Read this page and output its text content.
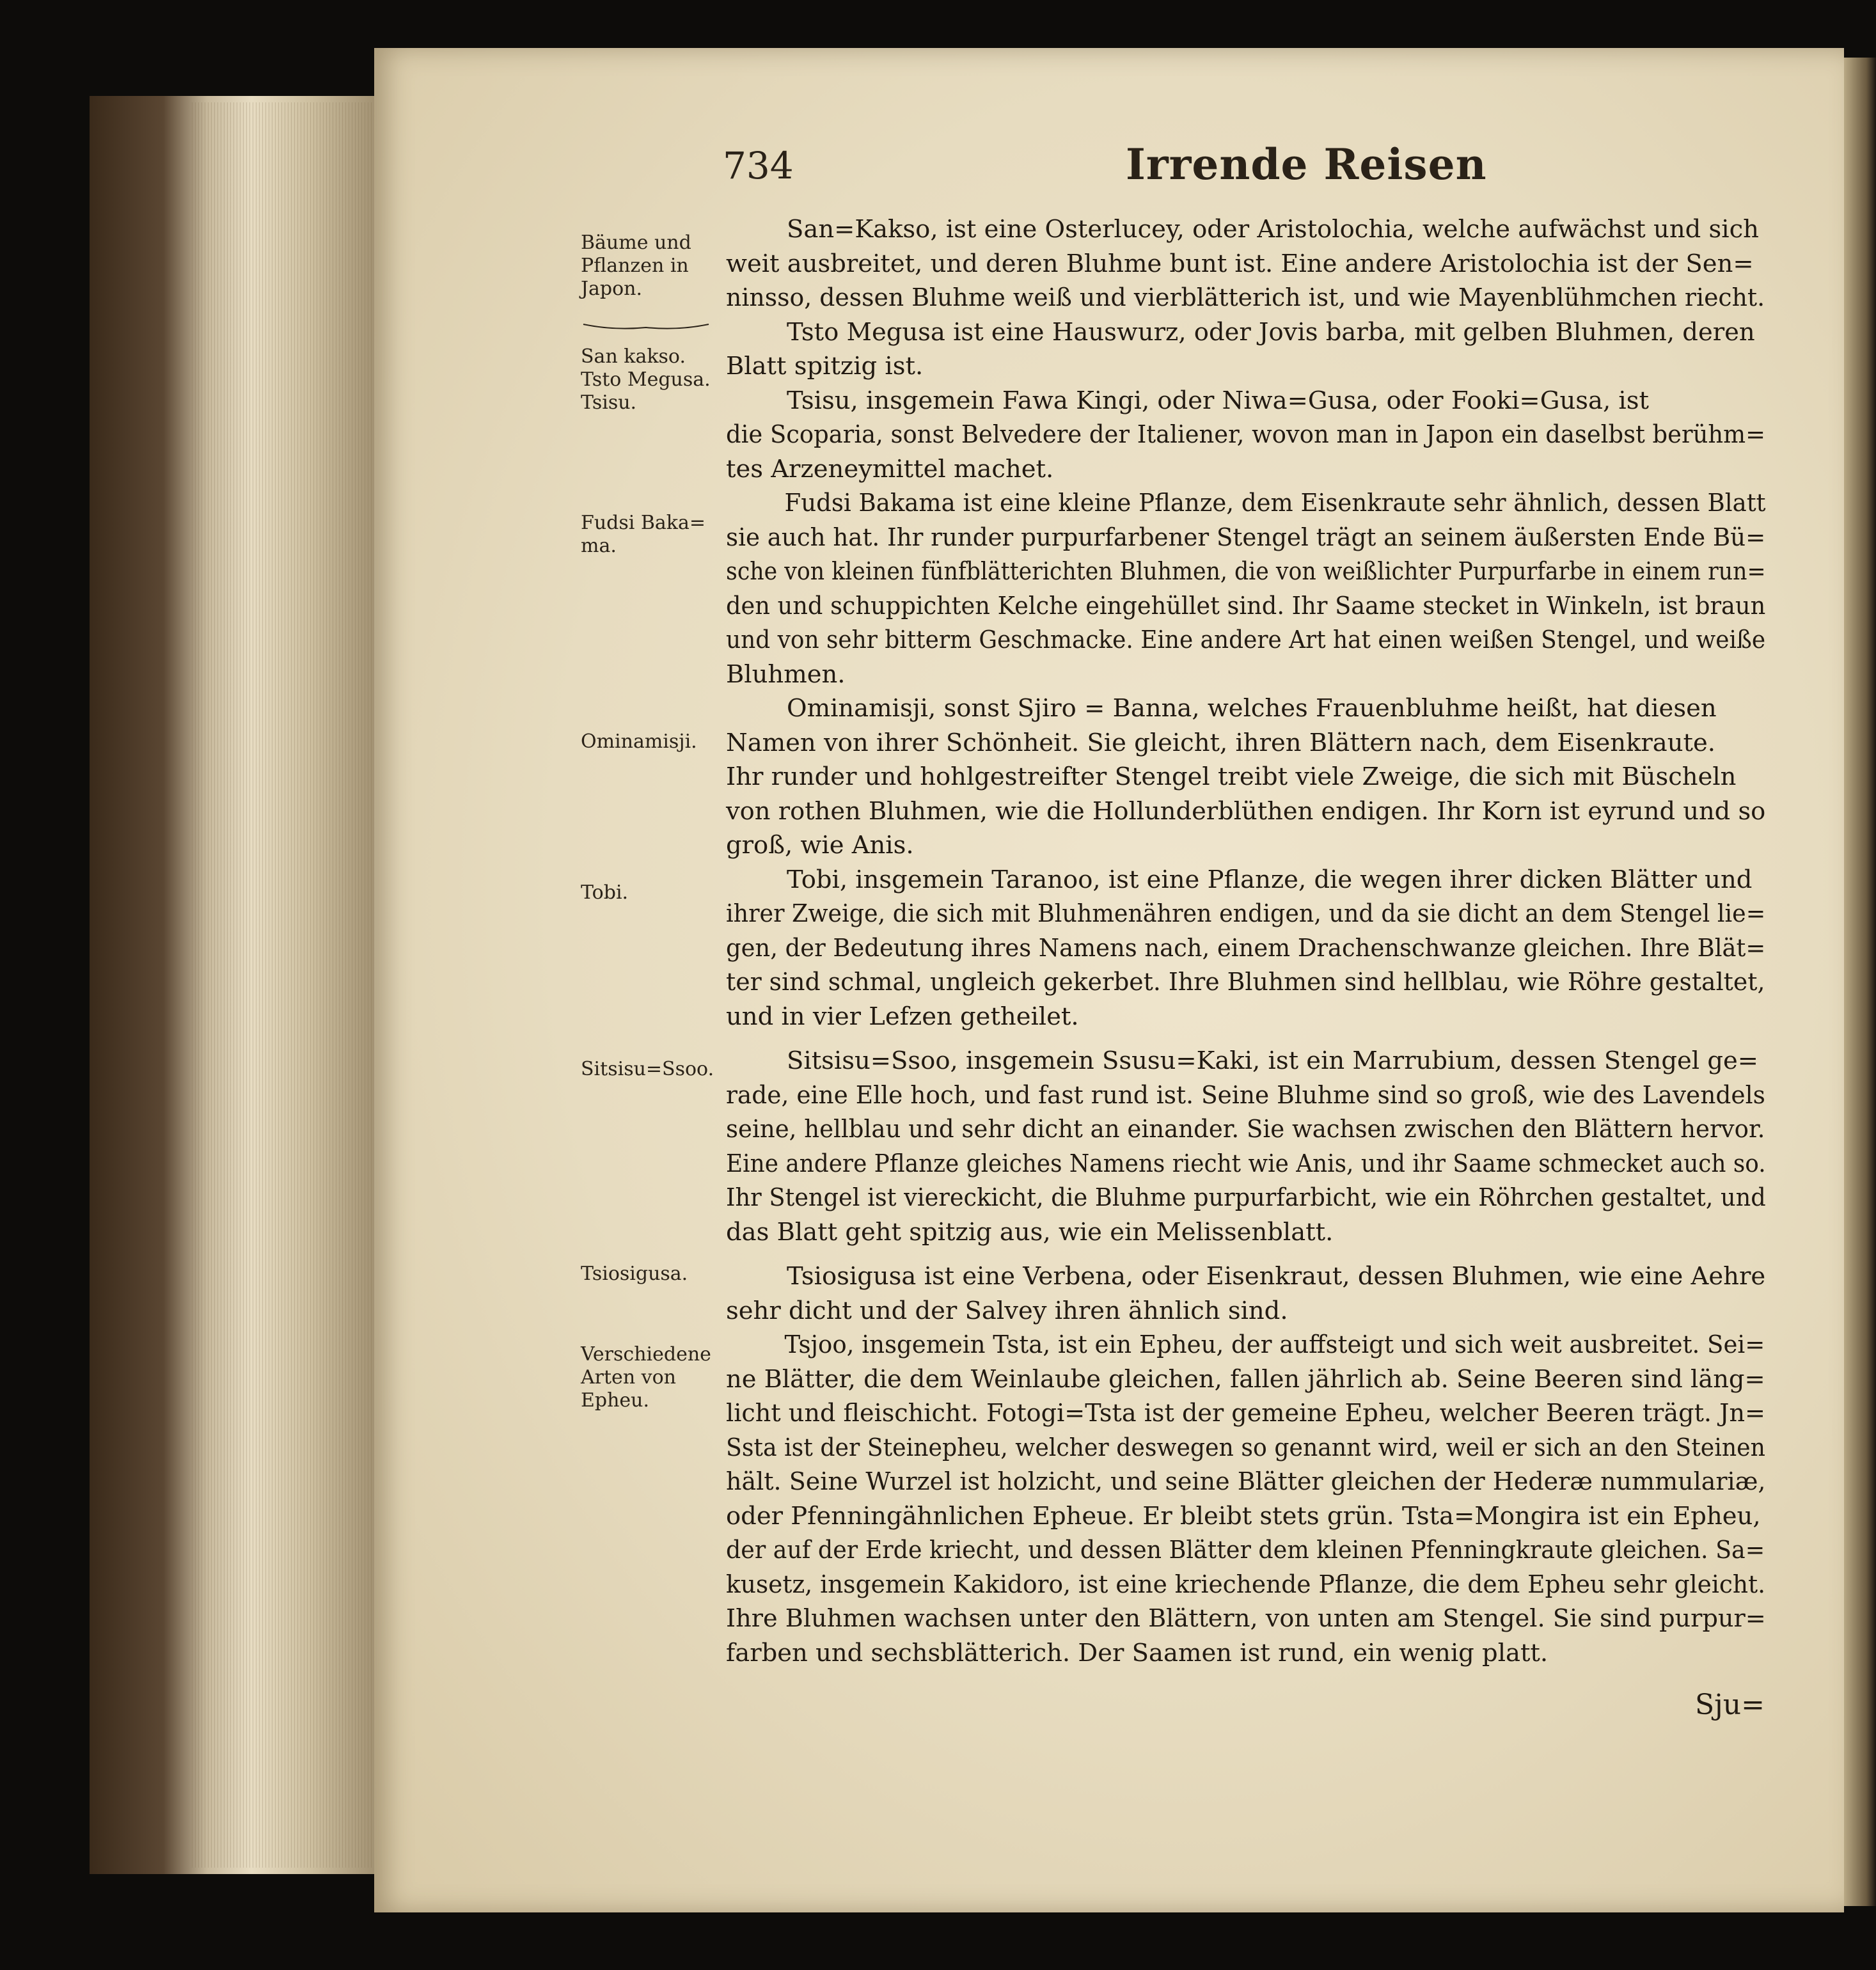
734	Irrende Reisen
Bäume und
Pflanzen in
Japon.
San kakso.
Tsto Megusa.
Tsisu.
Fudsi Baka=
ma.
Ominamisji.
Tobi.
Sitsisu=Ssoo.
Tsiosigusa.
Verschiedene
Arten von
Epheu.
San=Kakso, ist eine Osterlucey, oder Aristolochia, welche aufwächst und sich
weit ausbreitet, und deren Bluhme bunt ist. Eine andere Aristolochia ist der Sen=
ninsso, dessen Bluhme weiß und vierblätterich ist, und wie Mayenblühmchen riecht.
Tsto Megusa ist eine Hauswurz, oder Jovis barba, mit gelben Bluhmen, deren
Blatt spitzig ist.
Tsisu, insgemein Fawa Kingi, oder Niwa=Gusa, oder Fooki=Gusa, ist
die Scoparia, sonst Belvedere der Italiener, wovon man in Japon ein daselbst berühm=
tes Arzeneymittel machet.
Fudsi Bakama ist eine kleine Pflanze, dem Eisenkraute sehr ähnlich, dessen Blatt
sie auch hat. Ihr runder purpurfarbener Stengel trägt an seinem äußersten Ende Bü=
sche von kleinen fünfblätterichten Bluhmen, die von weißlichter Purpurfarbe in einem run=
den und schuppichten Kelche eingehüllet sind. Ihr Saame stecket in Winkeln, ist braun
und von sehr bitterm Geschmacke. Eine andere Art hat einen weißen Stengel, und weiße
Bluhmen.
Ominamisji, sonst Sjiro = Banna, welches Frauenbluhme heißt, hat diesen
Namen von ihrer Schönheit. Sie gleicht, ihren Blättern nach, dem Eisenkraute.
Ihr runder und hohlgestreifter Stengel treibt viele Zweige, die sich mit Büscheln
von rothen Bluhmen, wie die Hollunderblüthen endigen. Ihr Korn ist eyrund und so
groß, wie Anis.
Tobi, insgemein Taranoo, ist eine Pflanze, die wegen ihrer dicken Blätter und
ihrer Zweige, die sich mit Bluhmenähren endigen, und da sie dicht an dem Stengel lie=
gen, der Bedeutung ihres Namens nach, einem Drachenschwanze gleichen. Ihre Blät=
ter sind schmal, ungleich gekerbet. Ihre Bluhmen sind hellblau, wie Röhre gestaltet,
und in vier Lefzen getheilet.
Sitsisu=Ssoo, insgemein Ssusu=Kaki, ist ein Marrubium, dessen Stengel ge=
rade, eine Elle hoch, und fast rund ist. Seine Bluhme sind so groß, wie des Lavendels
seine, hellblau und sehr dicht an einander. Sie wachsen zwischen den Blättern hervor.
Eine andere Pflanze gleiches Namens riecht wie Anis, und ihr Saame schmecket auch so.
Ihr Stengel ist viereckicht, die Bluhme purpurfarbicht, wie ein Röhrchen gestaltet, und
das Blatt geht spitzig aus, wie ein Melissenblatt.
Tsiosigusa ist eine Verbena, oder Eisenkraut, dessen Bluhmen, wie eine Aehre
sehr dicht und der Salvey ihren ähnlich sind.
Tsjoo, insgemein Tsta, ist ein Epheu, der auffsteigt und sich weit ausbreitet. Sei=
ne Blätter, die dem Weinlaube gleichen, fallen jährlich ab. Seine Beeren sind läng=
licht und fleischicht. Fotogi=Tsta ist der gemeine Epheu, welcher Beeren trägt. Jn=
Ssta ist der Steinepheu, welcher deswegen so genannt wird, weil er sich an den Steinen
hält. Seine Wurzel ist holzicht, und seine Blätter gleichen der Hederæ nummulariæ,
oder Pfenningähnlichen Epheue. Er bleibt stets grün. Tsta=Mongira ist ein Epheu,
der auf der Erde kriecht, und dessen Blätter dem kleinen Pfenningkraute gleichen. Sa=
kusetz, insgemein Kakidoro, ist eine kriechende Pflanze, die dem Epheu sehr gleicht.
Ihre Bluhmen wachsen unter den Blättern, von unten am Stengel. Sie sind purpur=
farben und sechsblätterich. Der Saamen ist rund, ein wenig platt.
Sju=
